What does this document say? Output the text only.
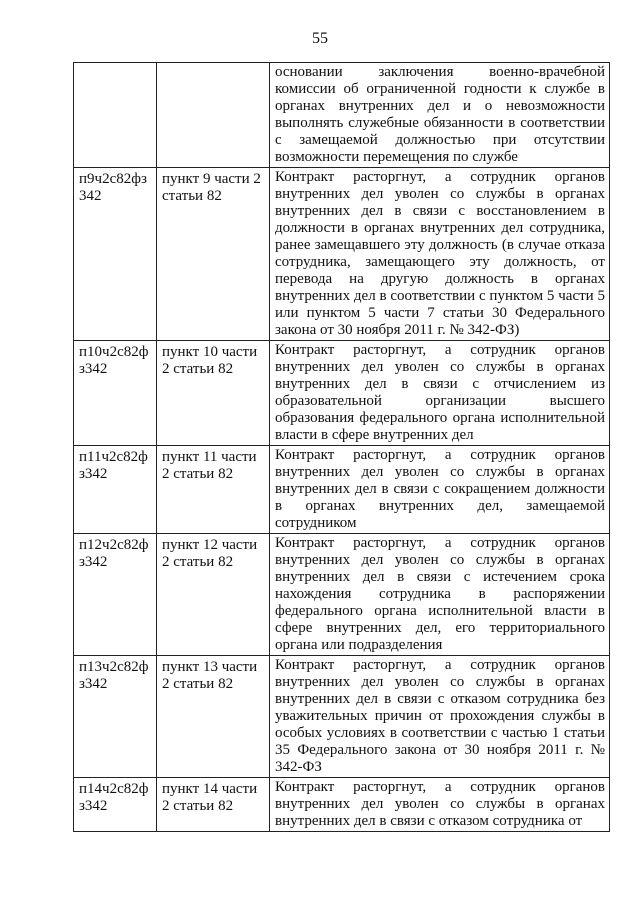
55
		основании заключения военно-врачебной комиссии об ограниченной годности к службе в органах внутренних дел и о невозможности выполнять служебные обязанности в соответствии с замещаемой должностью при отсутствии возможности перемещения по службе
п9ч2с82фз342	пункт 9 части 2 статьи 82	Контракт расторгнут, а сотрудник органов внутренних дел уволен со службы в органах внутренних дел в связи с восстановлением в должности в органах внутренних дел сотрудника, ранее замещавшего эту должность (в случае отказа сотрудника, замещающего эту должность, от перевода на другую должность в органах внутренних дел в соответствии с пунктом 5 части 5 или пунктом 5 части 7 статьи 30 Федерального закона от 30 ноября 2011 г. № 342-ФЗ)
п10ч2с82фз342	пункт 10 части 2 статьи 82	Контракт расторгнут, а сотрудник органов внутренних дел уволен со службы в органах внутренних дел в связи с отчислением из образовательной организации высшего образования федерального органа исполнительной власти в сфере внутренних дел
п11ч2с82фз342	пункт 11 части 2 статьи 82	Контракт расторгнут, а сотрудник органов внутренних дел уволен со службы в органах внутренних дел в связи с сокращением должности в органах внутренних дел, замещаемой сотрудником
п12ч2с82фз342	пункт 12 части 2 статьи 82	Контракт расторгнут, а сотрудник органов внутренних дел уволен со службы в органах внутренних дел в связи с истечением срока нахождения сотрудника в распоряжении федерального органа исполнительной власти в сфере внутренних дел, его территориального органа или подразделения
п13ч2с82фз342	пункт 13 части 2 статьи 82	Контракт расторгнут, а сотрудник органов внутренних дел уволен со службы в органах внутренних дел в связи с отказом сотрудника без уважительных причин от прохождения службы в особых условиях в соответствии с частью 1 статьи 35 Федерального закона от 30 ноября 2011 г. № 342-ФЗ
п14ч2с82фз342	пункт 14 части 2 статьи 82	Контракт расторгнут, а сотрудник органов внутренних дел уволен со службы в органах внутренних дел в связи с отказом сотрудника от
